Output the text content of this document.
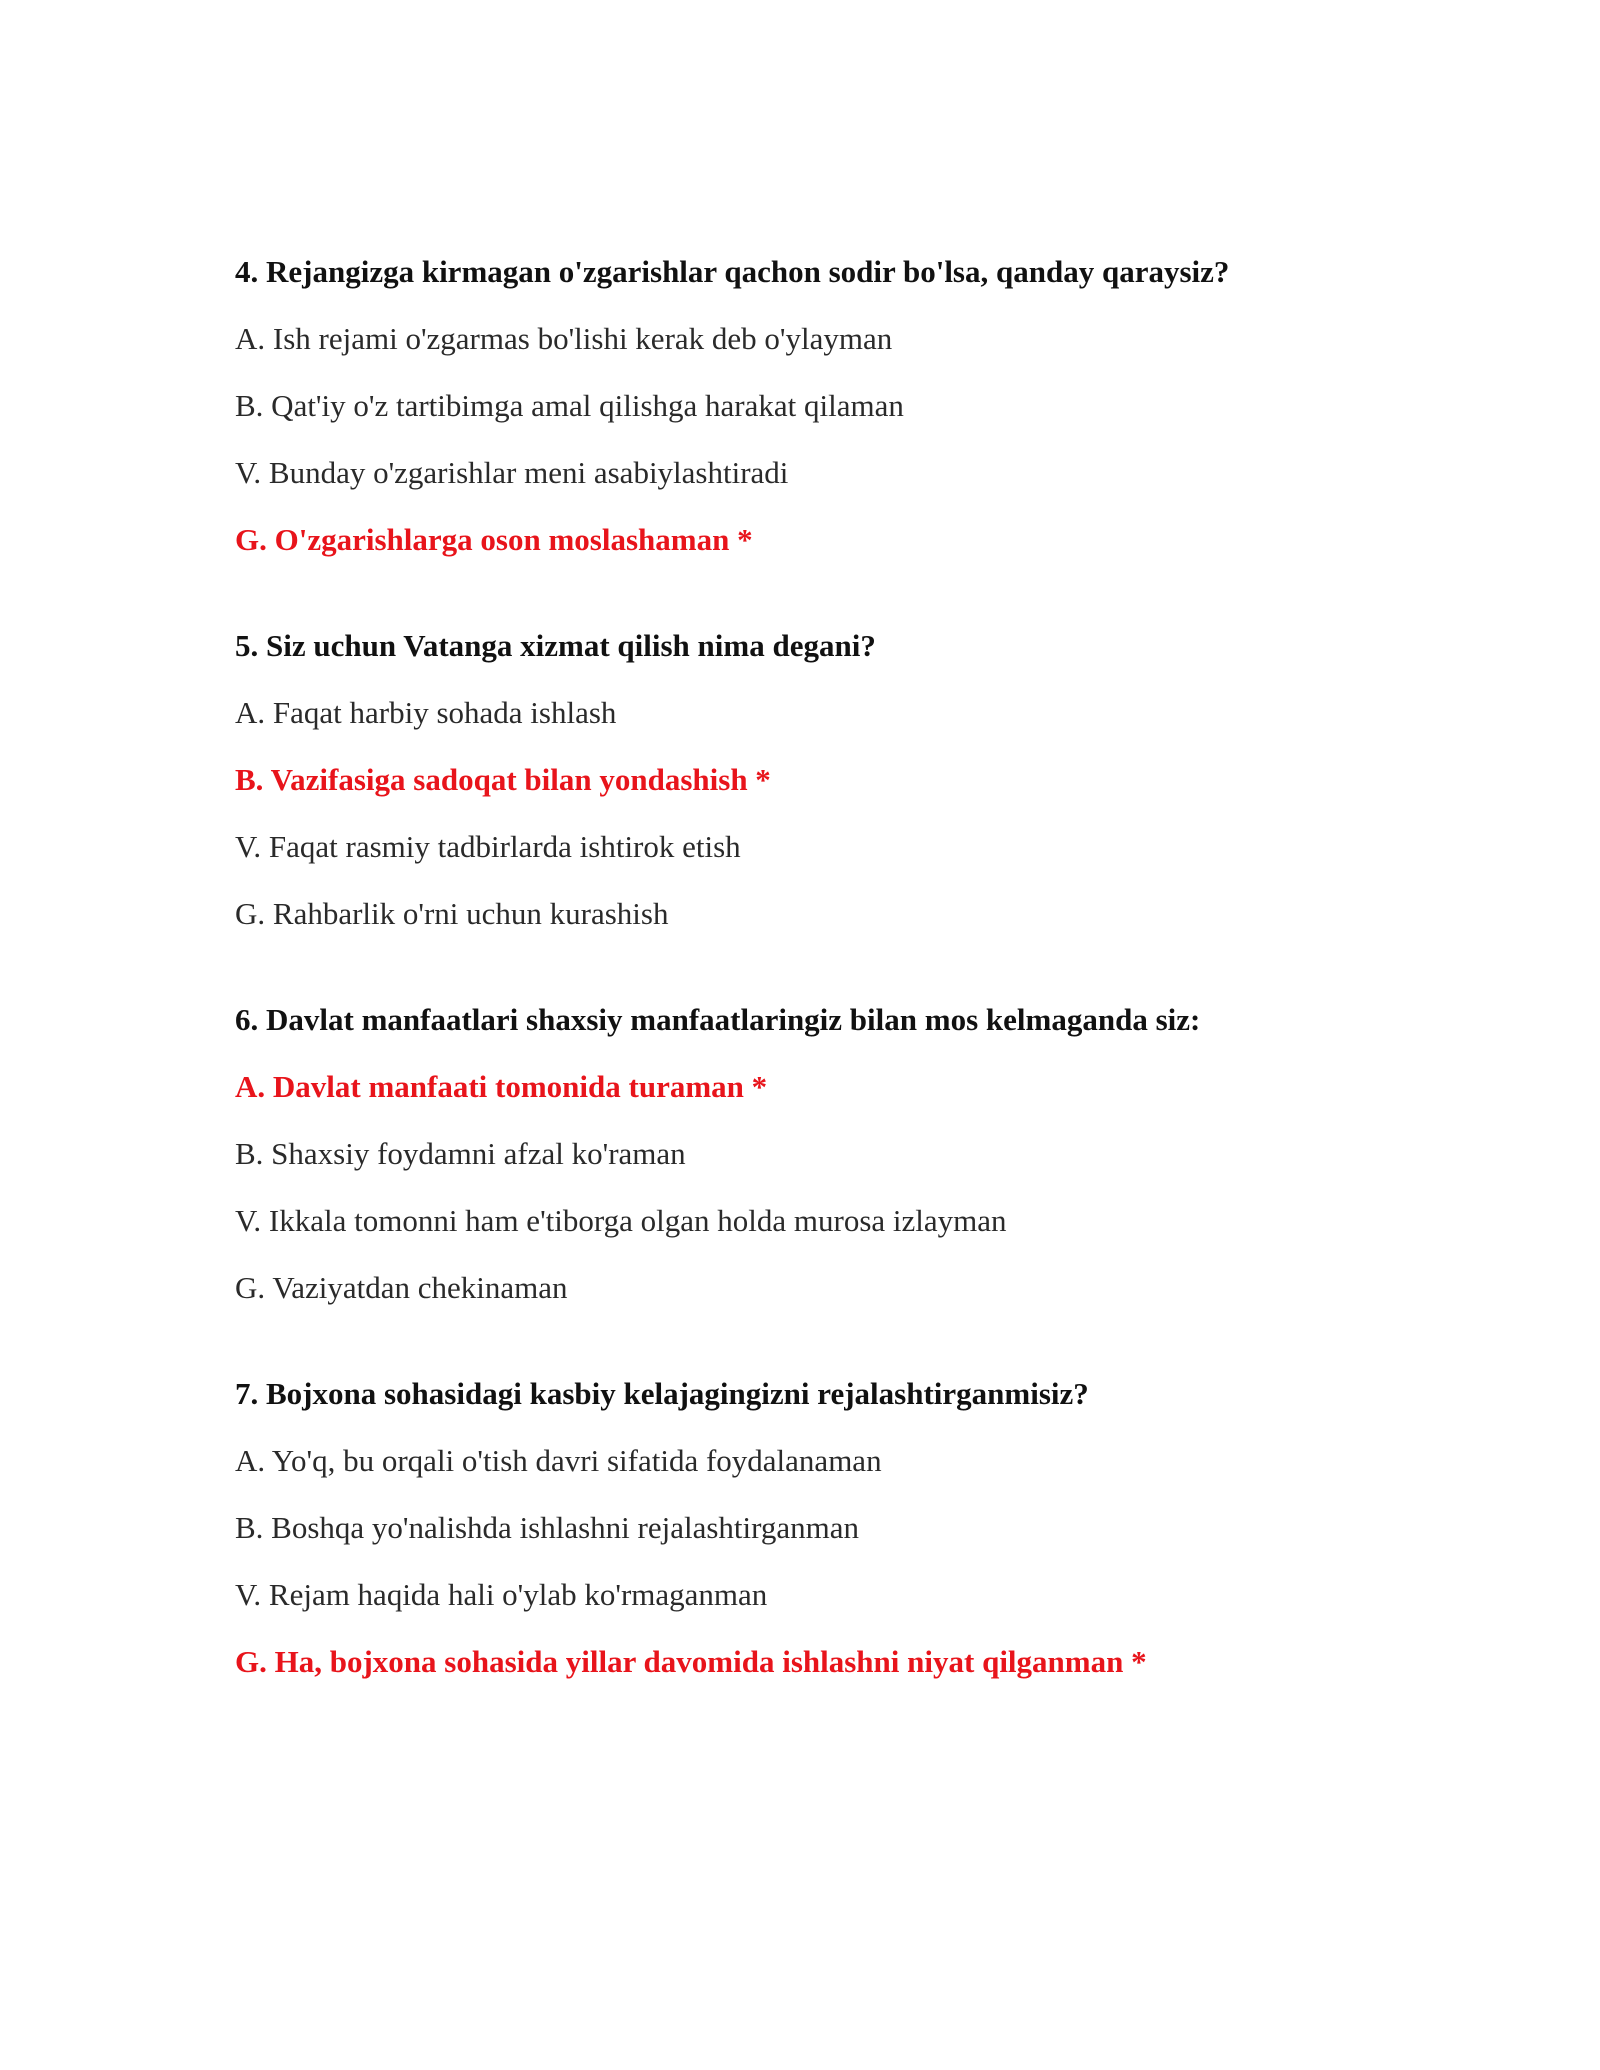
4. Rejangizga kirmagan o'zgarishlar qachon sodir bo'lsa, qanday qaraysiz?
A. Ish rejami o'zgarmas bo'lishi kerak deb o'ylayman
B. Qat'iy o'z tartibimga amal qilishga harakat qilaman
V. Bunday o'zgarishlar meni asabiylashtiradi
G. O'zgarishlarga oson moslashaman *
5. Siz uchun Vatanga xizmat qilish nima degani?
A. Faqat harbiy sohada ishlash
B. Vazifasiga sadoqat bilan yondashish *
V. Faqat rasmiy tadbirlarda ishtirok etish
G. Rahbarlik o'rni uchun kurashish
6. Davlat manfaatlari shaxsiy manfaatlaringiz bilan mos kelmaganda siz:
A. Davlat manfaati tomonida turaman *
B. Shaxsiy foydamni afzal ko'raman
V. Ikkala tomonni ham e'tiborga olgan holda murosa izlayman
G. Vaziyatdan chekinaman
7. Bojxona sohasidagi kasbiy kelajagingizni rejalashtirganmisiz?
A. Yo'q, bu orqali o'tish davri sifatida foydalanaman
B. Boshqa yo'nalishda ishlashni rejalashtirganman
V. Rejam haqida hali o'ylab ko'rmaganman
G. Ha, bojxona sohasida yillar davomida ishlashni niyat qilganman *
